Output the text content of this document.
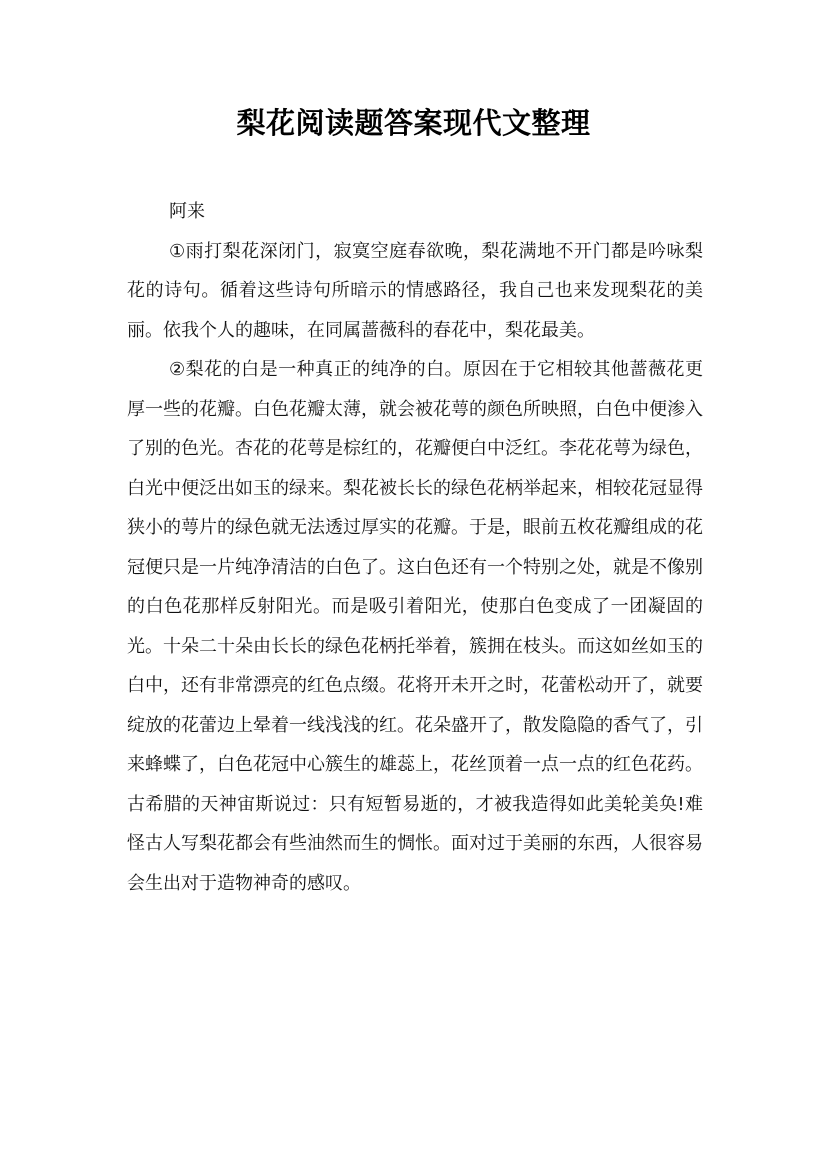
梨花阅读题答案现代文整理

阿来

①雨打梨花深闭门，寂寞空庭春欲晚，梨花满地不开门都是吟咏梨花的诗句。循着这些诗句所暗示的情感路径，我自己也来发现梨花的美丽。依我个人的趣味，在同属蔷薇科的春花中，梨花最美。

②梨花的白是一种真正的纯净的白。原因在于它相较其他蔷薇花更厚一些的花瓣。白色花瓣太薄，就会被花萼的颜色所映照，白色中便渗入了别的色光。杏花的花萼是棕红的，花瓣便白中泛红。李花花萼为绿色，白光中便泛出如玉的绿来。梨花被长长的绿色花柄举起来，相较花冠显得狭小的萼片的绿色就无法透过厚实的花瓣。于是，眼前五枚花瓣组成的花冠便只是一片纯净清洁的白色了。这白色还有一个特别之处，就是不像别的白色花那样反射阳光。而是吸引着阳光，使那白色变成了一团凝固的光。十朵二十朵由长长的绿色花柄托举着，簇拥在枝头。而这如丝如玉的白中，还有非常漂亮的红色点缀。花将开未开之时，花蕾松动开了，就要绽放的花蕾边上晕着一线浅浅的红。花朵盛开了，散发隐隐的香气了，引来蜂蝶了，白色花冠中心簇生的雄蕊上，花丝顶着一点一点的红色花药。古希腊的天神宙斯说过：只有短暂易逝的，才被我造得如此美轮美奂!难怪古人写梨花都会有些油然而生的惆怅。面对过于美丽的东西，人很容易会生出对于造物神奇的感叹。
